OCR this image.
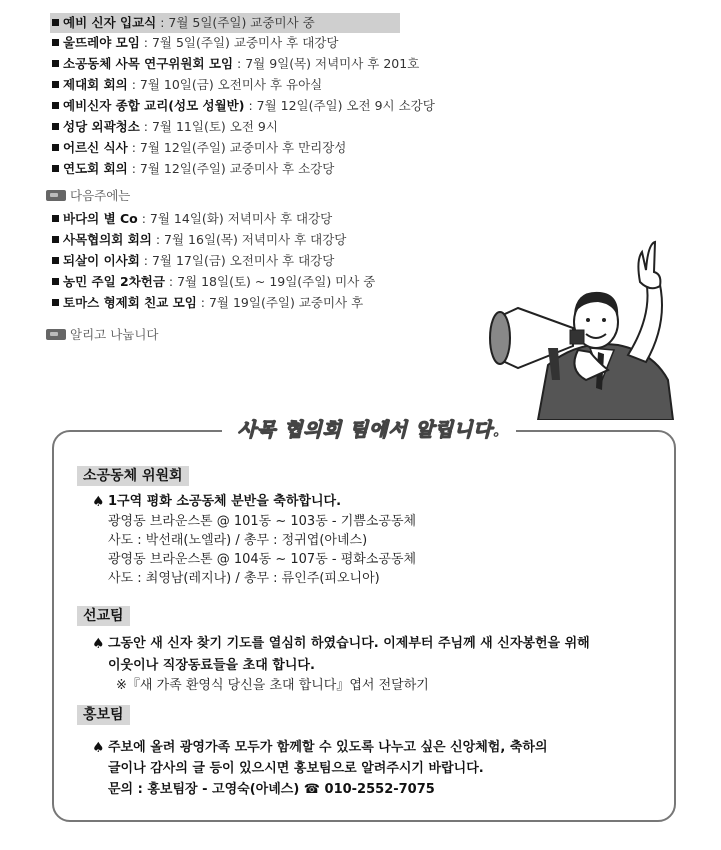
예비 신자 입교식 : 7월 5일(주일) 교중미사 중
울뜨레야 모임 : 7월 5일(주일) 교중미사 후 대강당
소공동체 사목 연구위원회 모임 : 7월 9일(목) 저녁미사 후 201호
제대회 회의 : 7월 10일(금) 오전미사 후 유아실
예비신자 종합 교리(성모 성월반) : 7월 12일(주일) 오전 9시 소강당
성당 외곽청소 : 7월 11일(토) 오전 9시
어르신 식사 : 7월 12일(주일) 교중미사 후 만리장성
연도회 회의 : 7월 12일(주일) 교중미사 후 소강당
다음주에는
바다의 별 Co : 7월 14일(화) 저녁미사 후 대강당
사목협의회 회의 : 7월 16일(목) 저녁미사 후 대강당
되살이 이사회 : 7월 17일(금) 오전미사 후 대강당
농민 주일 2차헌금 : 7월 18일(토) ~ 19일(주일) 미사 중
토마스 형제회 친교 모임 : 7월 19일(주일) 교중미사 후
알리고 나눕니다
사목 협의회 팀에서 알립니다.
소공동체 위원회
♠ 1구역 평화 소공동체 분반을 축하합니다.
광영동 브라운스톤 @ 101동 ~ 103동 - 기쁨소공동체
사도 : 박선래(노엘라) / 총무 : 정귀엽(아녜스)
광영동 브라운스톤 @ 104동 ~ 107동 - 평화소공동체
사도 : 최영남(레지나) / 총무 : 류인주(피오니아)
선교팀
♠ 그동안 새 신자 찾기 기도를 열심히 하였습니다. 이제부터 주님께 새 신자봉헌을 위해
이웃이나 직장동료들을 초대 합니다.
※『새 가족 환영식 당신을 초대 합니다』엽서 전달하기
홍보팀
♠ 주보에 올려 광영가족 모두가 함께할 수 있도록 나누고 싶은 신앙체험, 축하의
글이나 감사의 글 등이 있으시면 홍보팀으로 알려주시기 바랍니다.
문의 : 홍보팀장 - 고영숙(아녜스) ☎ 010-2552-7075
